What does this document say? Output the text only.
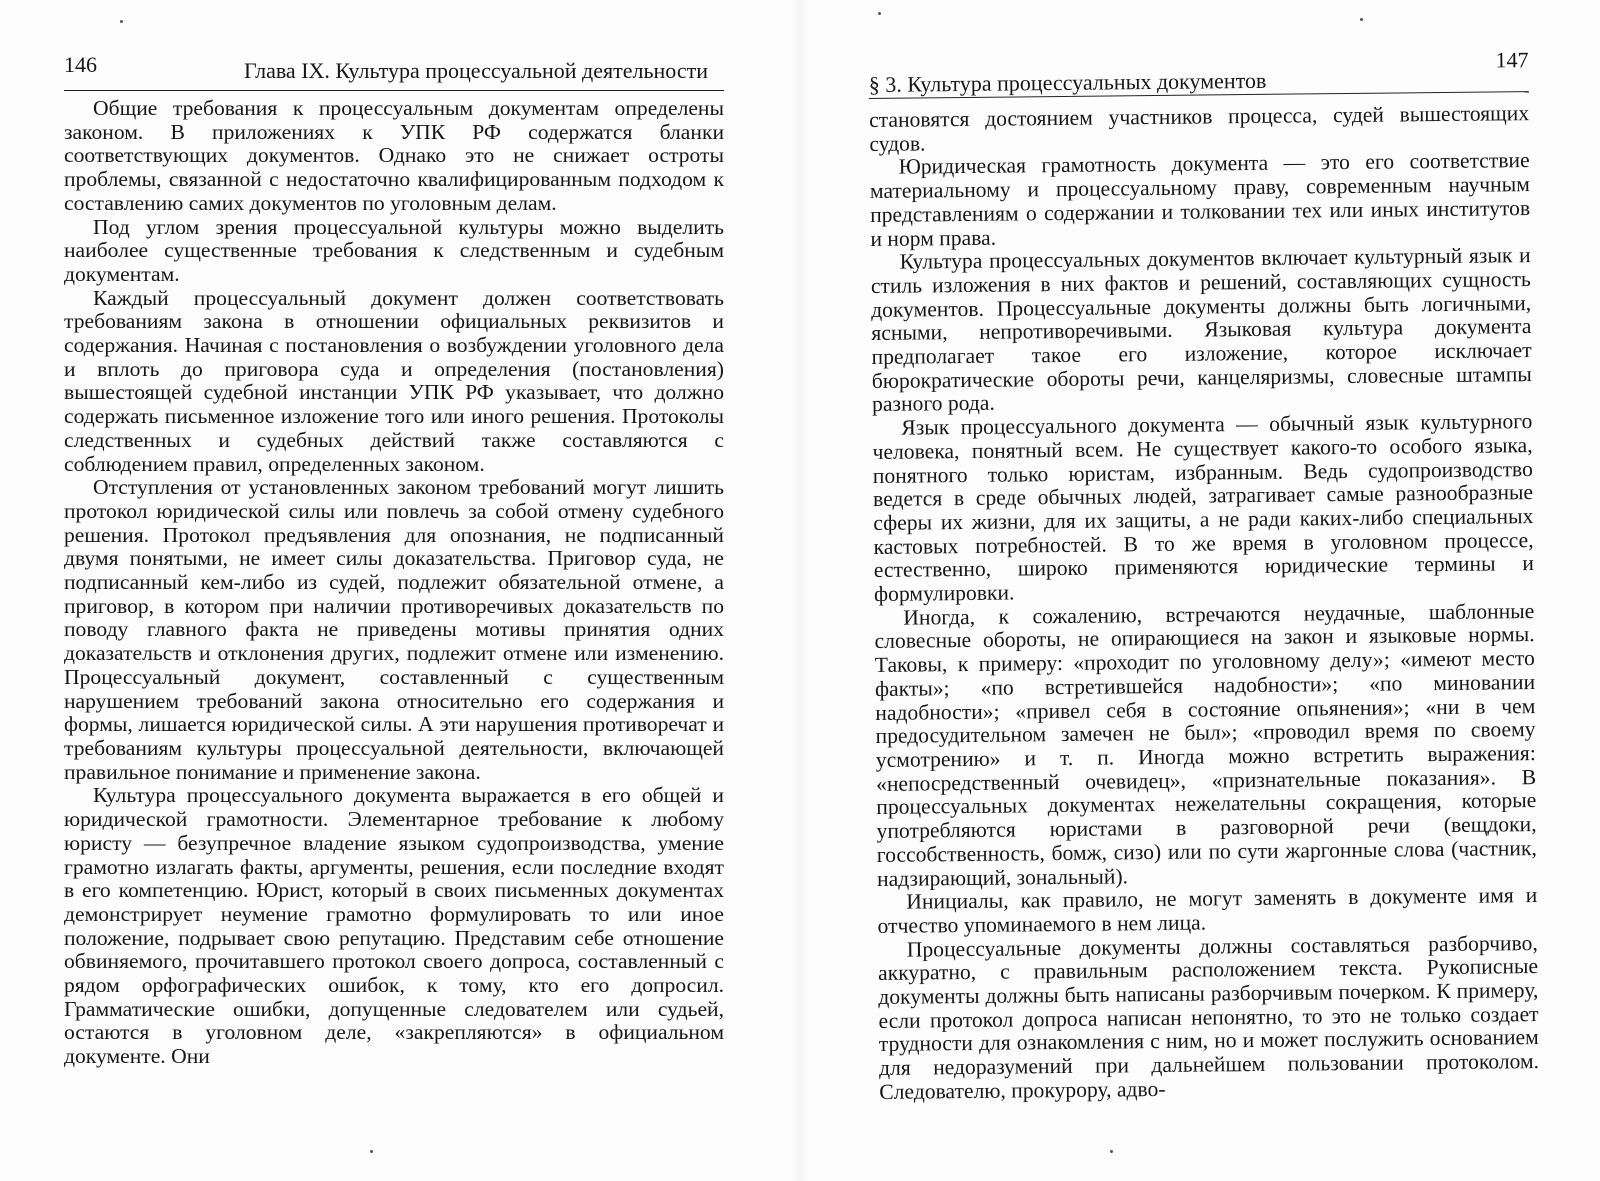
146	Глава IX. Культура процессуальной деятельности

Общие требования к процессуальным документам определены законом. В приложениях к УПК РФ содержатся бланки соответствующих документов. Однако это не снижает остроты проблемы, связанной с недостаточно квалифицированным подходом к составлению самих документов по уголовным делам.

Под углом зрения процессуальной культуры можно выделить наиболее существенные требования к следственным и судебным документам.

Каждый процессуальный документ должен соответствовать требованиям закона в отношении официальных реквизитов и содержания. Начиная с постановления о возбуждении уголовного дела и вплоть до приговора суда и определения (постановления) вышестоящей судебной инстанции УПК РФ указывает, что должно содержать письменное изложение того или иного решения. Протоколы следственных и судебных действий также составляются с соблюдением правил, определенных законом.

Отступления от установленных законом требований могут лишить протокол юридической силы или повлечь за собой отмену судебного решения. Протокол предъявления для опознания, не подписанный двумя понятыми, не имеет силы доказательства. Приговор суда, не подписанный кем-либо из судей, подлежит обязательной отмене, а приговор, в котором при наличии противоречивых доказательств по поводу главного факта не приведены мотивы принятия одних доказательств и отклонения других, подлежит отмене или изменению. Процессуальный документ, составленный с существенным нарушением требований закона относительно его содержания и формы, лишается юридической силы. А эти нарушения противоречат и требованиям культуры процессуальной деятельности, включающей правильное понимание и применение закона.

Культура процессуального документа выражается в его общей и юридической грамотности. Элементарное требование к любому юристу — безупречное владение языком судопроизводства, умение грамотно излагать факты, аргументы, решения, если последние входят в его компетенцию. Юрист, который в своих письменных документах демонстрирует неумение грамотно формулировать то или иное положение, подрывает свою репутацию. Представим себе отношение обвиняемого, прочитавшего протокол своего допроса, составленный с рядом орфографических ошибок, к тому, кто его допросил. Грамматические ошибки, допущенные следователем или судьей, остаются в уголовном деле, «закрепляются» в официальном документе. Они

§ 3. Культура процессуальных документов
147

становятся достоянием участников процесса, судей вышестоящих судов.

Юридическая грамотность документа — это его соответствие материальному и процессуальному праву, современным научным представлениям о содержании и толковании тех или иных институтов и норм права.

Культура процессуальных документов включает культурный язык и стиль изложения в них фактов и решений, составляющих сущность документов. Процессуальные документы должны быть логичными, ясными, непротиворечивыми. Языковая культура документа предполагает такое его изложение, которое исключает бюрократические обороты речи, канцеляризмы, словесные штампы разного рода.

Язык процессуального документа — обычный язык культурного человека, понятный всем. Не существует какого-то особого языка, понятного только юристам, избранным. Ведь судопроизводство ведется в среде обычных людей, затрагивает самые разнообразные сферы их жизни, для их защиты, а не ради каких-либо специальных кастовых потребностей. В то же время в уголовном процессе, естественно, широко применяются юридические термины и формулировки.

Иногда, к сожалению, встречаются неудачные, шаблонные словесные обороты, не опирающиеся на закон и языковые нормы. Таковы, к примеру: «проходит по уголовному делу»; «имеют место факты»; «по встретившейся надобности»; «по миновании надобности»; «привел себя в состояние опьянения»; «ни в чем предосудительном замечен не был»; «проводил время по своему усмотрению» и т. п. Иногда можно встретить выражения: «непосредственный очевидец», «признательные показания». В процессуальных документах нежелательны сокращения, которые употребляются юристами в разговорной речи (вещдоки, госсобственность, бомж, сизо) или по сути жаргонные слова (частник, надзирающий, зональный).

Инициалы, как правило, не могут заменять в документе имя и отчество упоминаемого в нем лица.

Процессуальные документы должны составляться разборчиво, аккуратно, с правильным расположением текста. Рукописные документы должны быть написаны разборчивым почерком. К примеру, если протокол допроса написан непонятно, то это не только создает трудности для ознакомления с ним, но и может послужить основанием для недоразумений при дальнейшем пользовании протоколом. Следователю, прокурору, адво-
